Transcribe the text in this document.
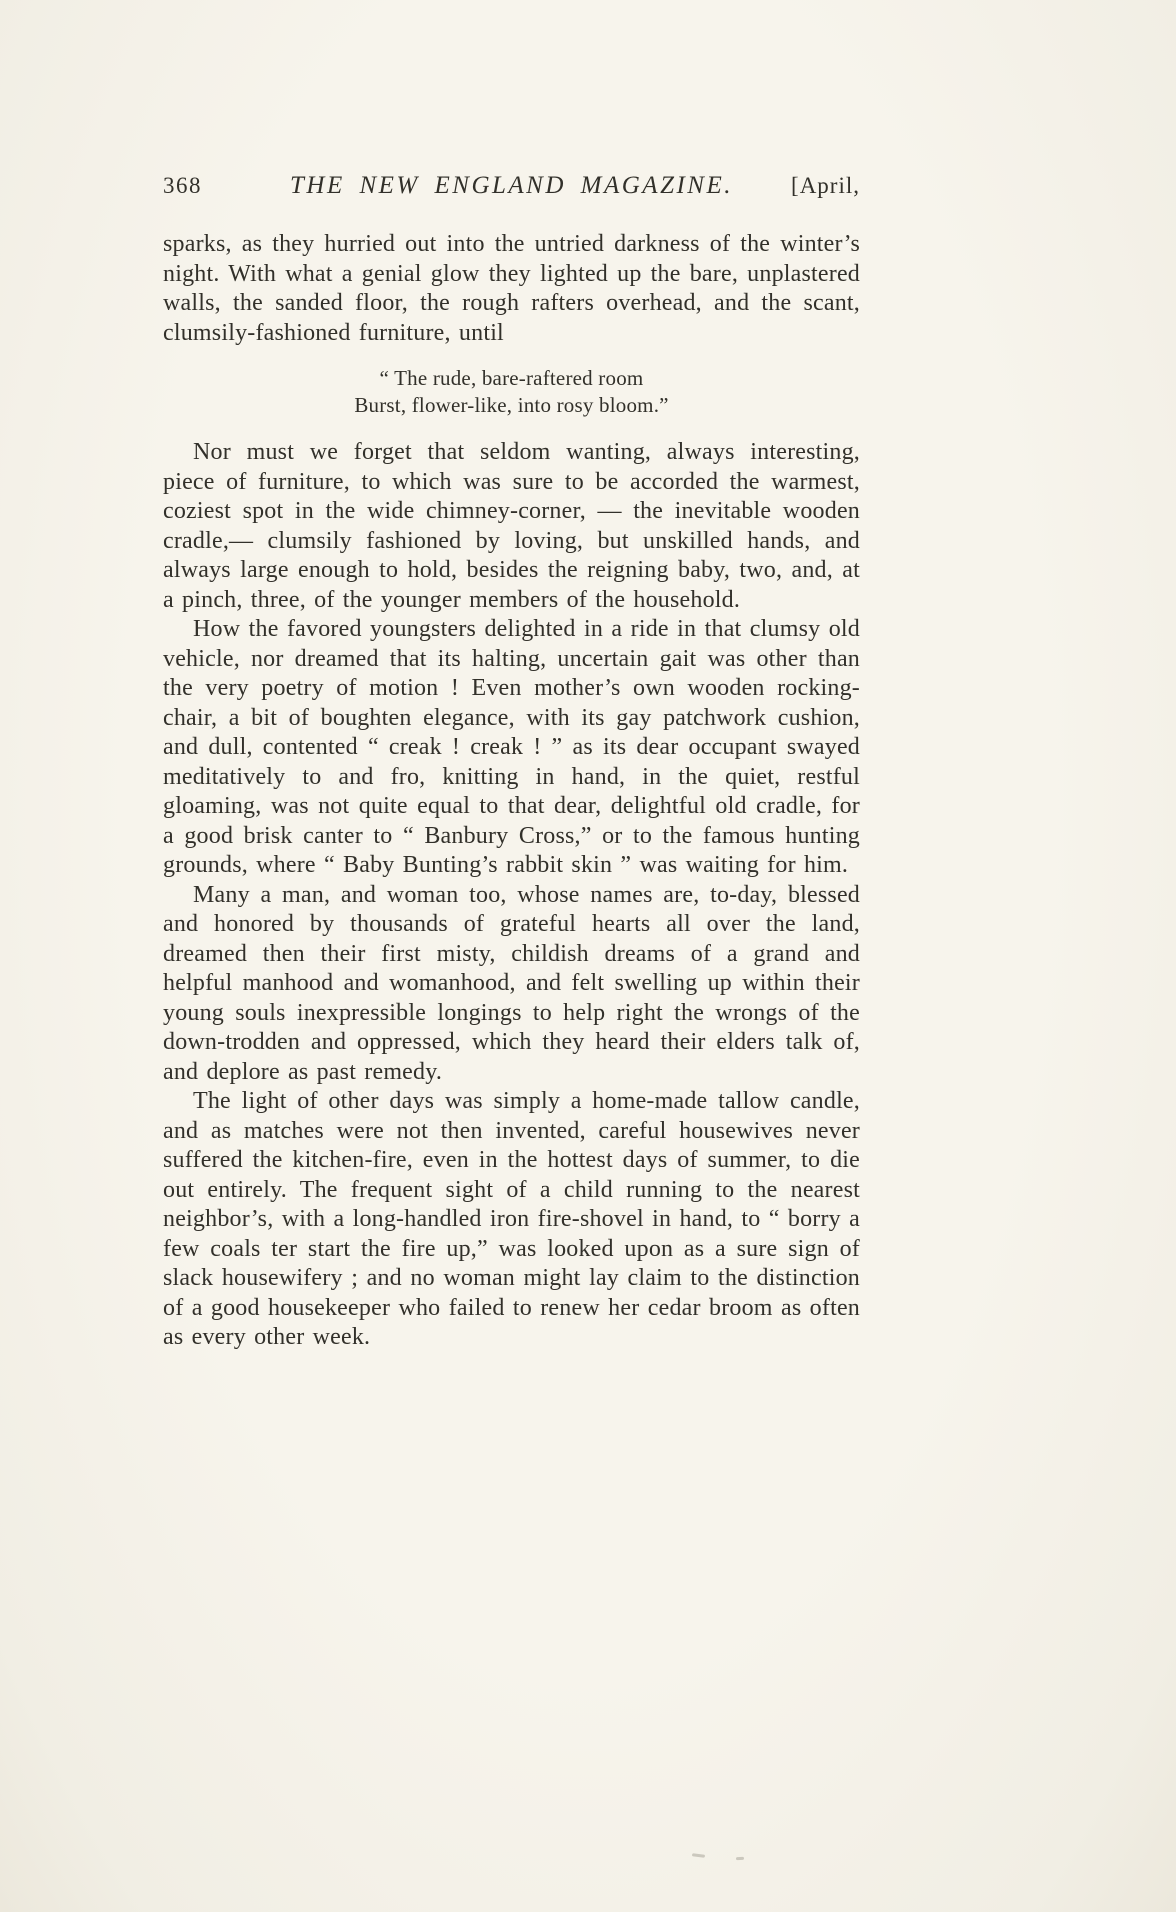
368	THE NEW ENGLAND MAGAZINE.	[April,

sparks, as they hurried out into the untried darkness of the winter’s night. With what a genial glow they lighted up the bare, unplastered walls, the sanded floor, the rough rafters overhead, and the scant, clumsily-fashioned furniture, until

“ The rude, bare-raftered room
Burst, flower-like, into rosy bloom.”

Nor must we forget that seldom wanting, always interesting, piece of furniture, to which was sure to be accorded the warmest, coziest spot in the wide chimney-corner, — the inevitable wooden cradle,— clumsily fashioned by loving, but unskilled hands, and always large enough to hold, besides the reigning baby, two, and, at a pinch, three, of the younger members of the household.

How the favored youngsters delighted in a ride in that clumsy old vehicle, nor dreamed that its halting, uncertain gait was other than the very poetry of motion ! Even mother’s own wooden rocking-chair, a bit of boughten elegance, with its gay patchwork cushion, and dull, contented “ creak ! creak ! ” as its dear occupant swayed meditatively to and fro, knitting in hand, in the quiet, restful gloaming, was not quite equal to that dear, delightful old cradle, for a good brisk canter to “ Banbury Cross,” or to the famous hunting grounds, where “ Baby Bunting’s rabbit skin ” was waiting for him.

Many a man, and woman too, whose names are, to-day, blessed and honored by thousands of grateful hearts all over the land, dreamed then their first misty, childish dreams of a grand and helpful manhood and womanhood, and felt swelling up within their young souls inexpressible longings to help right the wrongs of the down-trodden and oppressed, which they heard their elders talk of, and deplore as past remedy.

The light of other days was simply a home-made tallow candle, and as matches were not then invented, careful housewives never suffered the kitchen-fire, even in the hottest days of summer, to die out entirely. The frequent sight of a child running to the nearest neighbor’s, with a long-handled iron fire-shovel in hand, to “ borry a few coals ter start the fire up,” was looked upon as a sure sign of slack housewifery ; and no woman might lay claim to the distinction of a good housekeeper who failed to renew her cedar broom as often as every other week.
